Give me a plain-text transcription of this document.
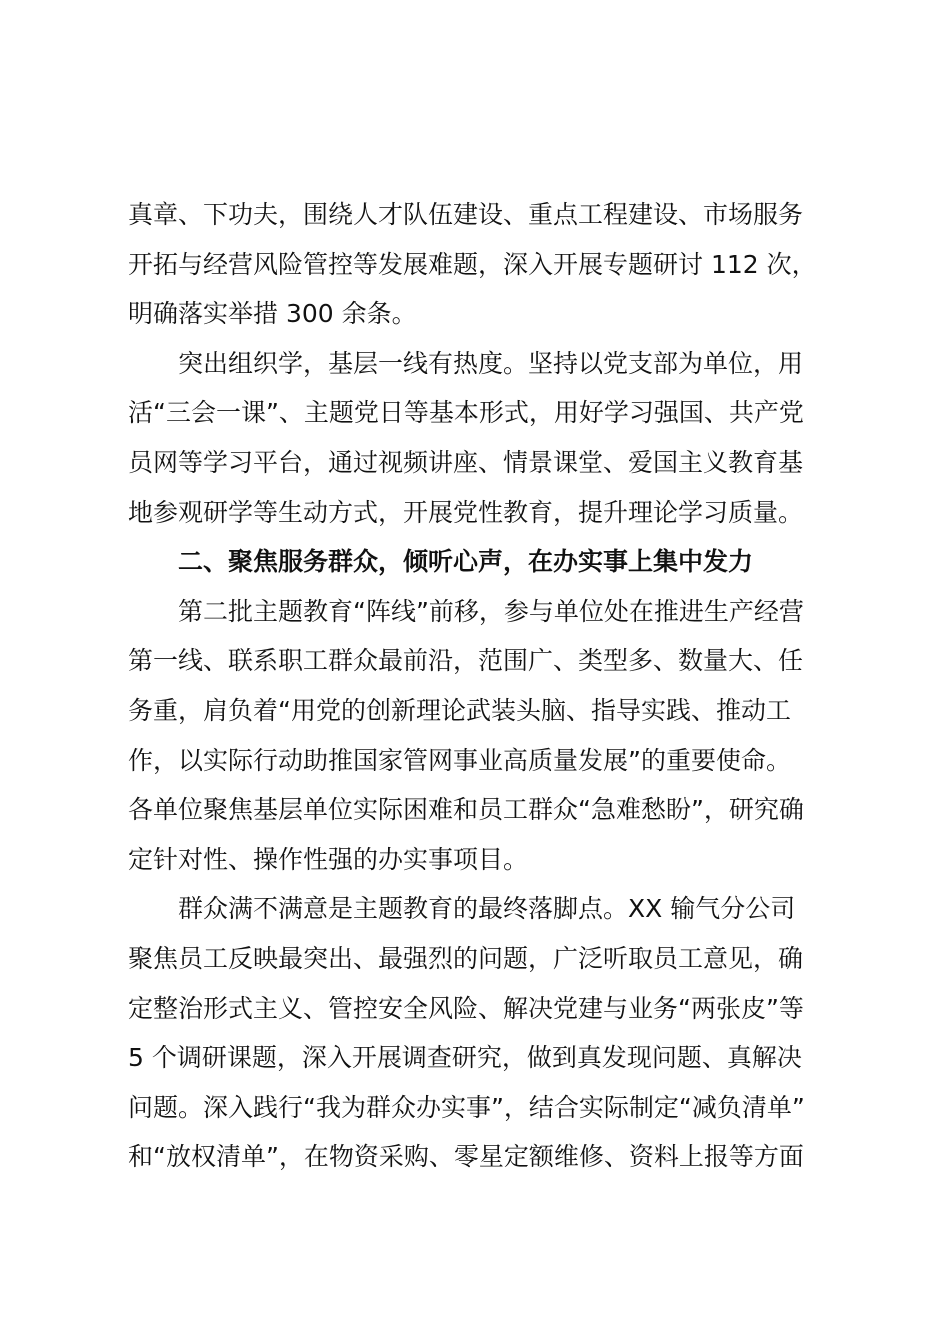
真章、下功夫，围绕人才队伍建设、重点工程建设、市场服务
开拓与经营风险管控等发展难题，深入开展专题研讨 112 次，
明确落实举措 300 余条。
突出组织学，基层一线有热度。坚持以党支部为单位，用
活“三会一课”、主题党日等基本形式，用好学习强国、共产党
员网等学习平台，通过视频讲座、情景课堂、爱国主义教育基
地参观研学等生动方式，开展党性教育，提升理论学习质量。
二、聚焦服务群众，倾听心声，在办实事上集中发力
第二批主题教育“阵线”前移，参与单位处在推进生产经营
第一线、联系职工群众最前沿，范围广、类型多、数量大、任
务重，肩负着“用党的创新理论武装头脑、指导实践、推动工
作，以实际行动助推国家管网事业高质量发展”的重要使命。
各单位聚焦基层单位实际困难和员工群众“急难愁盼”，研究确
定针对性、操作性强的办实事项目。
群众满不满意是主题教育的最终落脚点。XX 输气分公司
聚焦员工反映最突出、最强烈的问题，广泛听取员工意见，确
定整治形式主义、管控安全风险、解决党建与业务“两张皮”等
5 个调研课题，深入开展调查研究，做到真发现问题、真解决
问题。深入践行“我为群众办实事”，结合实际制定“减负清单”
和“放权清单”，在物资采购、零星定额维修、资料上报等方面
